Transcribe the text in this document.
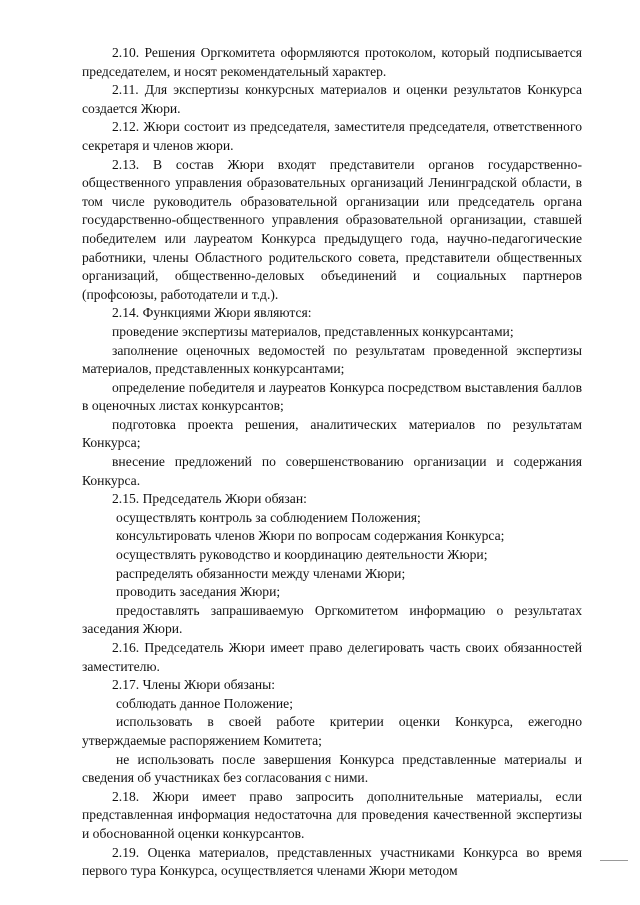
2.10. Решения Оргкомитета оформляются протоколом, который подписывается председателем, и носят рекомендательный характер.

2.11. Для экспертизы конкурсных материалов и оценки результатов Конкурса создается Жюри.

2.12. Жюри состоит из председателя, заместителя председателя, ответственного секретаря и членов жюри.

2.13. В состав Жюри входят представители органов государственно-общественного управления образовательных организаций Ленинградской области, в том числе руководитель образовательной организации или председатель органа государственно-общественного управления образовательной организации, ставшей победителем или лауреатом Конкурса предыдущего года, научно-педагогические работники, члены Областного родительского совета, представители общественных организаций, общественно-деловых объединений и социальных партнеров (профсоюзы, работодатели и т.д.).

2.14. Функциями Жюри являются:

проведение экспертизы материалов, представленных конкурсантами;

заполнение оценочных ведомостей по результатам проведенной экспертизы материалов, представленных конкурсантами;

определение победителя и лауреатов Конкурса посредством выставления баллов в оценочных листах конкурсантов;

подготовка проекта решения, аналитических материалов по результатам Конкурса;

внесение предложений по совершенствованию организации и содержания Конкурса.

2.15. Председатель Жюри обязан:

осуществлять контроль за соблюдением Положения;

консультировать членов Жюри по вопросам содержания Конкурса;

осуществлять руководство и координацию деятельности Жюри;

распределять обязанности между членами Жюри;

проводить заседания Жюри;

предоставлять запрашиваемую Оргкомитетом информацию о результатах заседания Жюри.

2.16. Председатель Жюри имеет право делегировать часть своих обязанностей заместителю.

2.17. Члены Жюри обязаны:

соблюдать данное Положение;

использовать в своей работе критерии оценки Конкурса, ежегодно утверждаемые распоряжением Комитета;

не использовать после завершения Конкурса представленные материалы и сведения об участниках без согласования с ними.

2.18. Жюри имеет право запросить дополнительные материалы, если представленная информация недостаточна для проведения качественной экспертизы и обоснованной оценки конкурсантов.

2.19. Оценка материалов, представленных участниками Конкурса во время первого тура Конкурса, осуществляется членами Жюри методом
